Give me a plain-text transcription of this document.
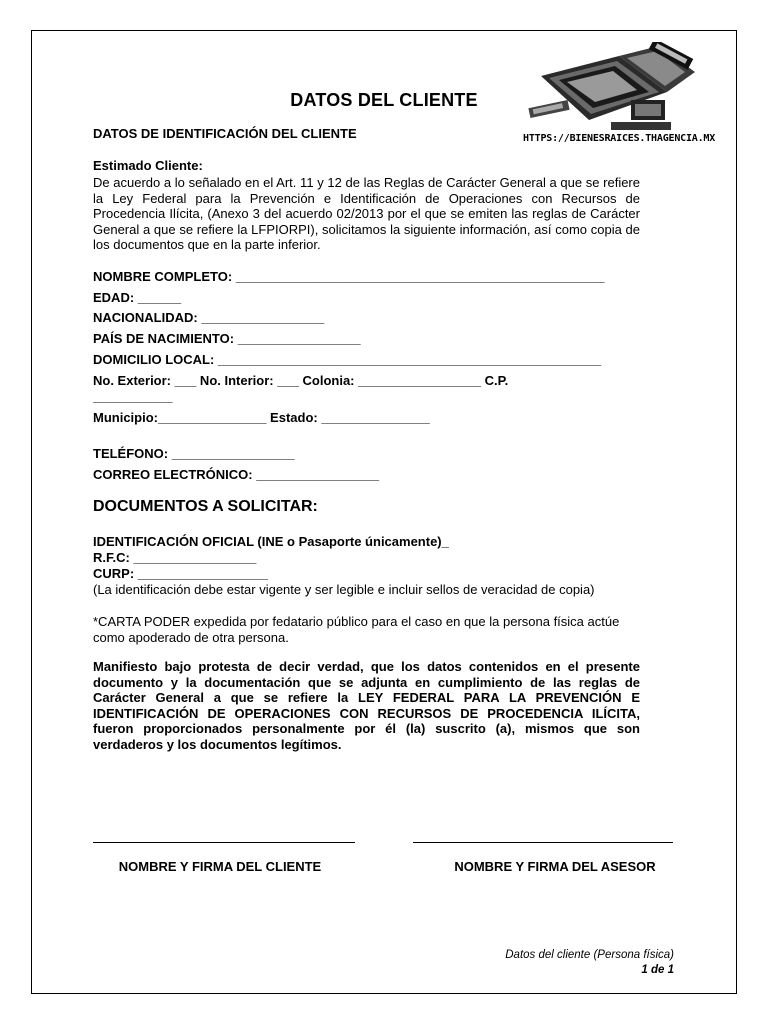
DATOS DEL CLIENTE
HTTPS://BIENESRAICES.THAGENCIA.MX
DATOS DE IDENTIFICACIÓN DEL CLIENTE
Estimado Cliente:
De acuerdo a lo señalado en el Art. 11 y 12 de las Reglas de Carácter General a que se refiere la Ley Federal para la Prevención e Identificación de Operaciones con Recursos de Procedencia Ilícita, (Anexo 3 del acuerdo 02/2013 por el que se emiten las reglas de Carácter General a que se refiere la LFPIORPI), solicitamos la siguiente información, así como copia de los documentos que en la parte inferior.
NOMBRE COMPLETO: ___________________________________________________
EDAD: ______
NACIONALIDAD: _________________
PAÍS DE NACIMIENTO: _________________
DOMICILIO LOCAL: _____________________________________________________
No. Exterior: ___ No. Interior: ___ Colonia: _________________ C.P.
___________
Municipio:_______________ Estado: _______________
TELÉFONO: _________________
CORREO ELECTRÓNICO: _________________
DOCUMENTOS A SOLICITAR:
IDENTIFICACIÓN OFICIAL (INE o Pasaporte únicamente)_
R.F.C: _________________
CURP: __________________
(La identificación debe estar vigente y ser legible e incluir sellos de veracidad de copia)
*CARTA PODER expedida por fedatario público para el caso en que la persona física actúe como apoderado de otra persona.
Manifiesto bajo protesta de decir verdad, que los datos contenidos en el presente documento y la documentación que se adjunta en cumplimiento de las reglas de Carácter General a que se refiere la LEY FEDERAL PARA LA PREVENCIÓN E IDENTIFICACIÓN DE OPERACIONES CON RECURSOS DE PROCEDENCIA ILÍCITA, fueron proporcionados personalmente por él (la) suscrito (a), mismos que son verdaderos y los documentos legítimos.
NOMBRE Y FIRMA DEL CLIENTE	NOMBRE Y FIRMA DEL ASESOR
Datos del cliente (Persona física)
1 de 1
